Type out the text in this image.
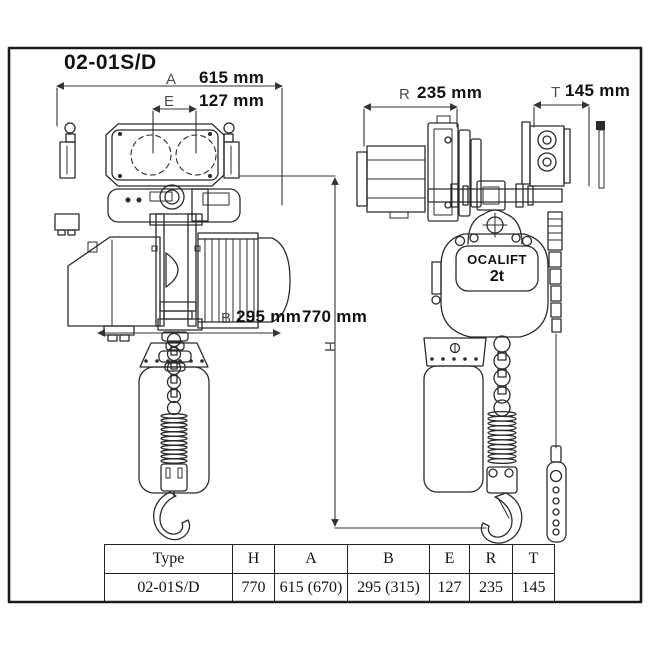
02-01S/D
A 615 mm
E 127 mm	R 235 mm	T 145 mm
B 295 mm 770 mm
H
OCALIFT
2t
Type	H	A	B	E	R	T
02-01S/D	770	615 (670)	295 (315)	127	235	145
